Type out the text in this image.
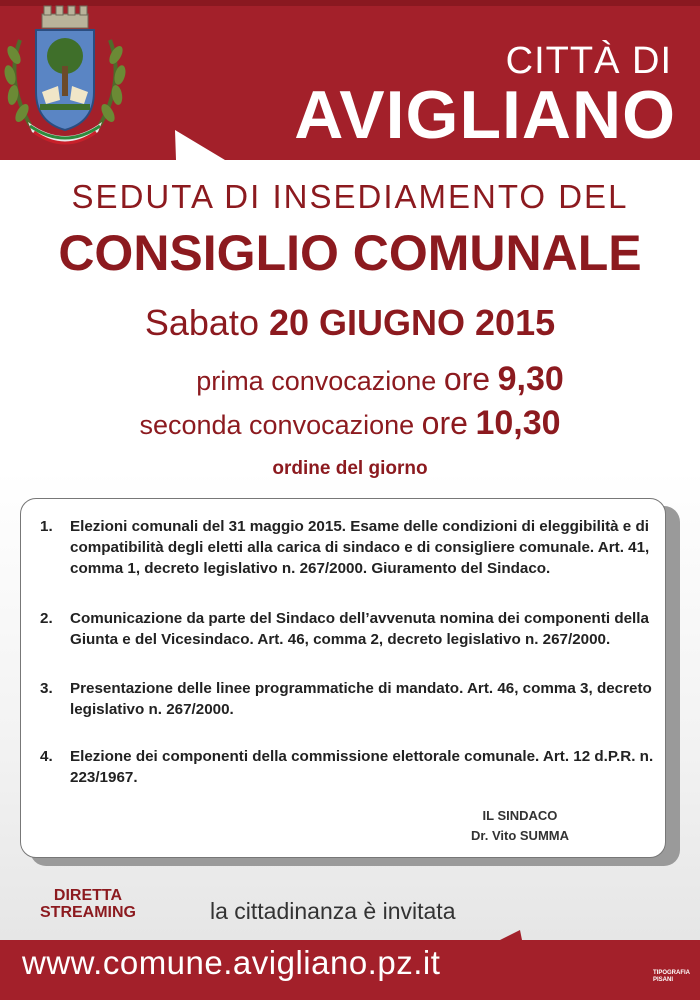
CITTÀ DI
AVIGLIANO
SEDUTA DI INSEDIAMENTO DEL
CONSIGLIO COMUNALE
Sabato 20 GIUGNO 2015
prima convocazione ore 9,30
seconda convocazione ore 10,30
ordine del giorno
1.	Elezioni comunali del 31 maggio 2015. Esame delle condizioni di eleggibilità e di
compatibilità degli eletti alla carica di sindaco e di consigliere comunale. Art. 41,
comma 1, decreto legislativo n. 267/2000. Giuramento del Sindaco.
2.	Comunicazione da parte del Sindaco dell’avvenuta nomina dei componenti della
Giunta e del Vicesindaco. Art. 46, comma 2, decreto legislativo n. 267/2000.
3.	Presentazione delle linee programmatiche di mandato. Art. 46, comma 3, decreto
legislativo n. 267/2000.
4.	Elezione dei componenti della commissione elettorale comunale. Art. 12 d.P.R. n.
223/1967.
IL SINDACO
Dr. Vito SUMMA
DIRETTA
STREAMING	la cittadinanza è invitata
www.comune.avigliano.pz.it	TIPOGRAFIA
PISANI
